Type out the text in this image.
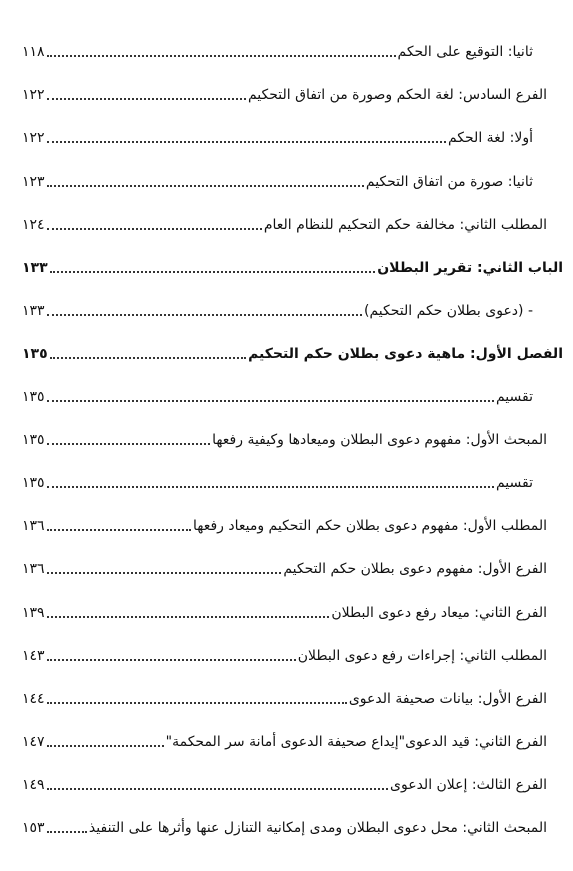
ثانيا: التوقيع على الحكم
١١٨
الفرع السادس: لغة الحكم وصورة من اتفاق التحكيم
١٢٢
أولا: لغة الحكم
١٢٢
ثانيا: صورة من اتفاق التحكيم
١٢٣
المطلب الثاني: مخالفة حكم التحكيم للنظام العام
١٢٤
الباب الثاني: تقرير البطلان
١٣٣
- (دعوى بطلان حكم التحكيم)
١٣٣
الفصل الأول: ماهية دعوى بطلان حكم التحكيم
١٣٥
تقسيم
١٣٥
المبحث الأول: مفهوم دعوى البطلان وميعادها وكيفية رفعها
١٣٥
تقسيم
١٣٥
المطلب الأول: مفهوم دعوى بطلان حكم التحكيم وميعاد رفعها
١٣٦
الفرع الأول: مفهوم دعوى بطلان حكم التحكيم
١٣٦
الفرع الثاني: ميعاد رفع دعوى البطلان
١٣٩
المطلب الثاني: إجراءات رفع دعوى البطلان
١٤٣
الفرع الأول: بيانات صحيفة الدعوى
١٤٤
الفرع الثاني: قيد الدعوى"إيداع صحيفة الدعوى أمانة سر المحكمة"
١٤٧
الفرع الثالث: إعلان الدعوى
١٤٩
المبحث الثاني: محل دعوى البطلان ومدى إمكانية التنازل عنها وأثرها على التنفيذ
١٥٣
